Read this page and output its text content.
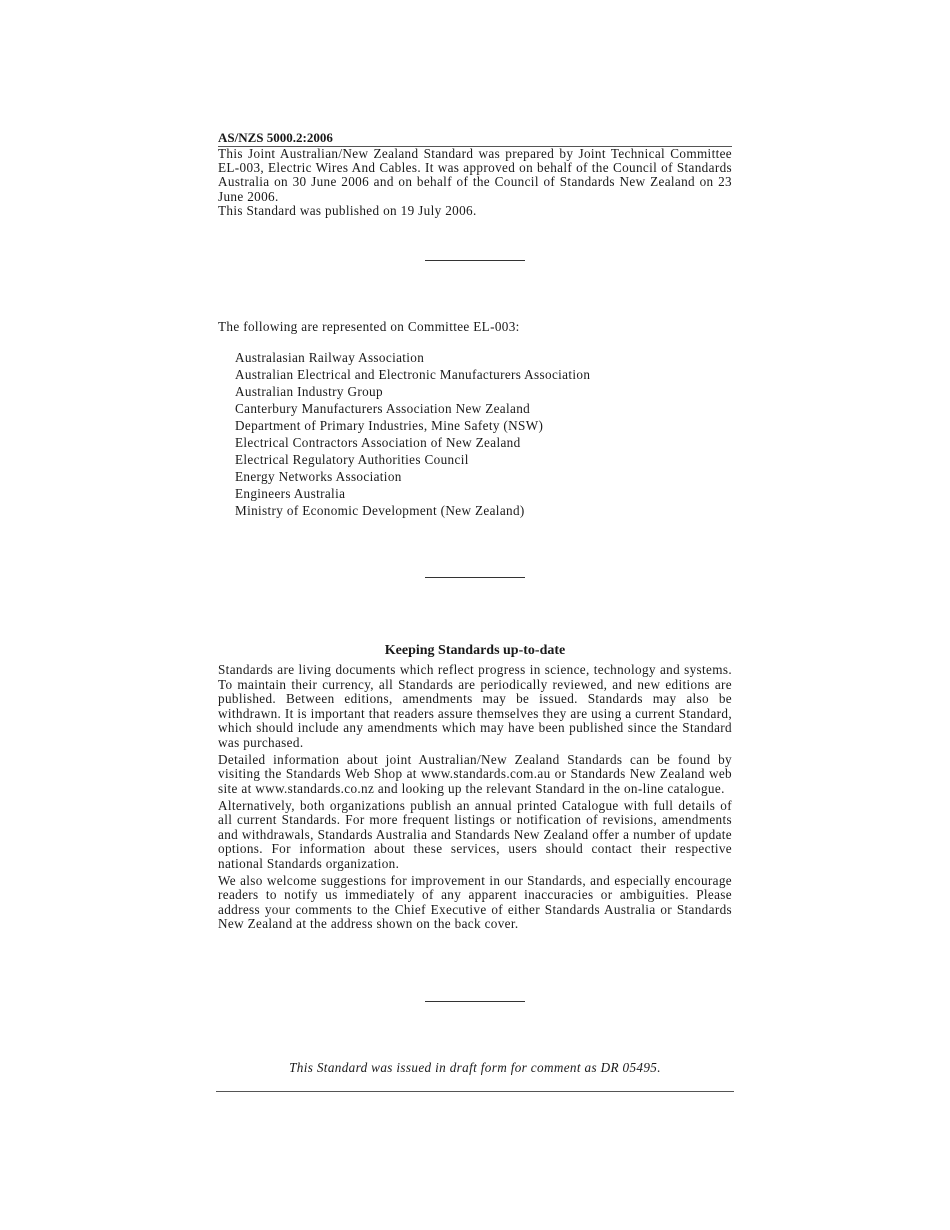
AS/NZS 5000.2:2006

This Joint Australian/New Zealand Standard was prepared by Joint Technical Committee EL-003, Electric Wires And Cables. It was approved on behalf of the Council of Standards Australia on 30 June 2006 and on behalf of the Council of Standards New Zealand on 23 June 2006.

This Standard was published on 19 July 2006.

The following are represented on Committee EL-003:
Australasian Railway Association
Australian Electrical and Electronic Manufacturers Association
Australian Industry Group
Canterbury Manufacturers Association New Zealand
Department of Primary Industries, Mine Safety (NSW)
Electrical Contractors Association of New Zealand
Electrical Regulatory Authorities Council
Energy Networks Association
Engineers Australia
Ministry of Economic Development (New Zealand)
Keeping Standards up-to-date

Standards are living documents which reflect progress in science, technology and systems. To maintain their currency, all Standards are periodically reviewed, and new editions are published. Between editions, amendments may be issued. Standards may also be withdrawn. It is important that readers assure themselves they are using a current Standard, which should include any amendments which may have been published since the Standard was purchased.

Detailed information about joint Australian/New Zealand Standards can be found by visiting the Standards Web Shop at www.standards.com.au or Standards New Zealand web site at www.standards.co.nz and looking up the relevant Standard in the on-line catalogue.

Alternatively, both organizations publish an annual printed Catalogue with full details of all current Standards. For more frequent listings or notification of revisions, amendments and withdrawals, Standards Australia and Standards New Zealand offer a number of update options. For information about these services, users should contact their respective national Standards organization.

We also welcome suggestions for improvement in our Standards, and especially encourage readers to notify us immediately of any apparent inaccuracies or ambiguities. Please address your comments to the Chief Executive of either Standards Australia or Standards New Zealand at the address shown on the back cover.

This Standard was issued in draft form for comment as DR 05495.
